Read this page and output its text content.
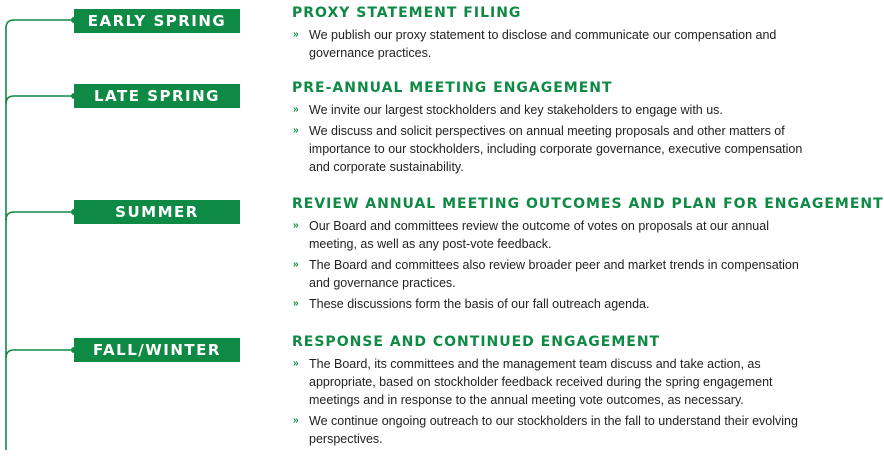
EARLY SPRING	PROXY STATEMENT FILING
» We publish our proxy statement to disclose and communicate our compensation and governance practices.
LATE SPRING	PRE-ANNUAL MEETING ENGAGEMENT
» We invite our largest stockholders and key stakeholders to engage with us.
» We discuss and solicit perspectives on annual meeting proposals and other matters of importance to our stockholders, including corporate governance, executive compensation and corporate sustainability.
SUMMER	REVIEW ANNUAL MEETING OUTCOMES AND PLAN FOR ENGAGEMENT
» Our Board and committees review the outcome of votes on proposals at our annual meeting, as well as any post-vote feedback.
» The Board and committees also review broader peer and market trends in compensation and governance practices.
» These discussions form the basis of our fall outreach agenda.
FALL/WINTER	RESPONSE AND CONTINUED ENGAGEMENT
» The Board, its committees and the management team discuss and take action, as appropriate, based on stockholder feedback received during the spring engagement meetings and in response to the annual meeting vote outcomes, as necessary.
» We continue ongoing outreach to our stockholders in the fall to understand their evolving perspectives.
